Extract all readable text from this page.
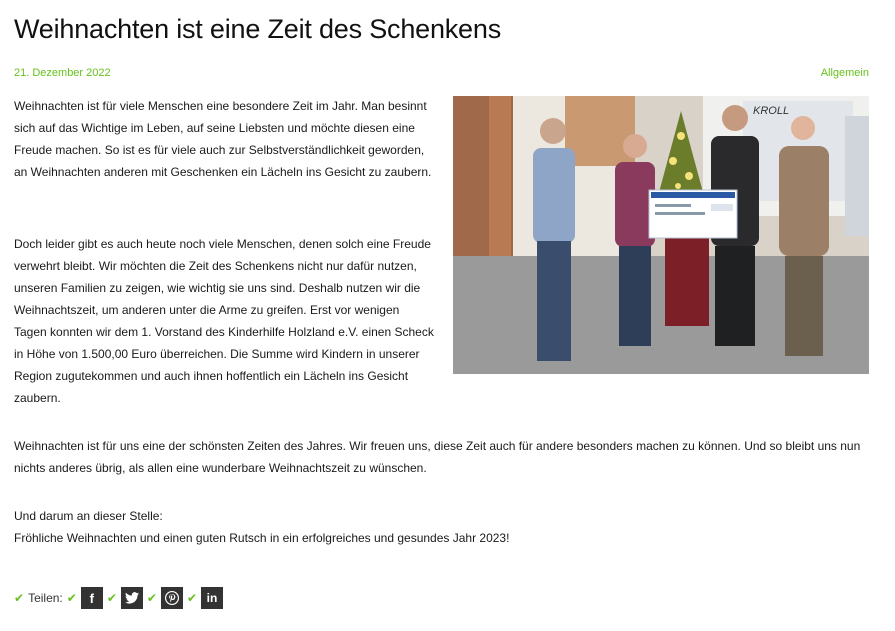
Weihnachten ist eine Zeit des Schenkens
21. Dezember 2022	Allgemein

Weihnachten ist für viele Menschen eine besondere Zeit im Jahr. Man besinnt sich auf das Wichtige im Leben, auf seine Liebsten und möchte diesen eine Freude machen. So ist es für viele auch zur Selbstverständlichkeit geworden, an Weihnachten anderen mit Geschenken ein Lächeln ins Gesicht zu zaubern.

Doch leider gibt es auch heute noch viele Menschen, denen solch eine Freude verwehrt bleibt. Wir möchten die Zeit des Schenkens nicht nur dafür nutzen, unseren Familien zu zeigen, wie wichtig sie uns sind. Deshalb nutzen wir die Weihnachtszeit, um anderen unter die Arme zu greifen. Erst vor wenigen Tagen konnten wir dem 1. Vorstand des Kinderhilfe Holzland e.V. einen Scheck in Höhe von 1.500,00 Euro überreichen. Die Summe wird Kindern in unserer Region zugutekommen und auch ihnen hoffentlich ein Lächeln ins Gesicht zaubern.

Weihnachten ist für uns eine der schönsten Zeiten des Jahres. Wir freuen uns, diese Zeit auch für andere besonders machen zu können. Und so bleibt uns nun nichts anderes übrig, als allen eine wunderbare Weihnachtszeit zu wünschen.

Und darum an dieser Stelle:
Fröhliche Weihnachten und einen guten Rutsch in ein erfolgreiches und gesundes Jahr 2023!

KROLL
✔ Teilen: ✔ f ✔	✔	✔ in
